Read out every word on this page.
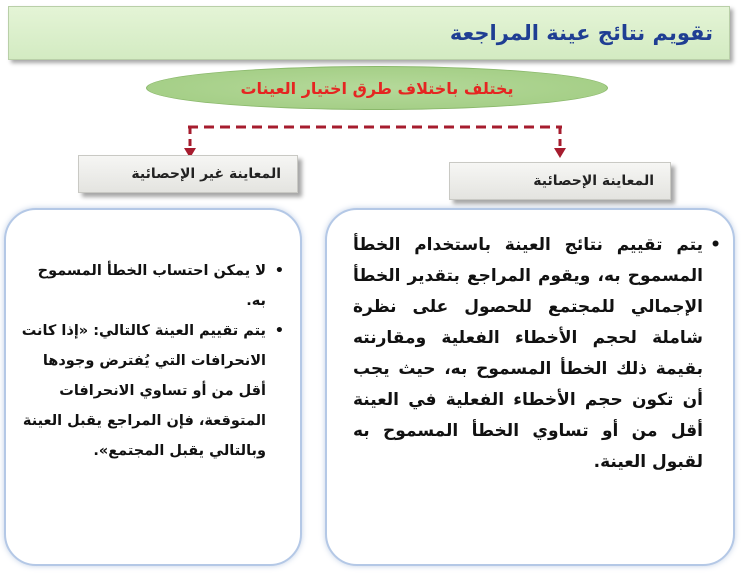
تقويم نتائج عينة المراجعة
يختلف باختلاف طرق اختيار العينات
المعاينة الإحصائية
المعاينة غير الإحصائية
• يتم تقييم نتائج العينة باستخدام الخطأ المسموح به، ويقوم المراجع بتقدير الخطأ الإجمالي للمجتمع للحصول على نظرة شاملة لحجم الأخطاء الفعلية ومقارنته بقيمة ذلك الخطأ المسموح به، حيث يجب أن تكون حجم الأخطاء الفعلية في العينة أقل من أو تساوي الخطأ المسموح به لقبول العينة.
• لا يمكن احتساب الخطأ المسموح به.
• يتم تقييم العينة كالتالي: «إذا كانت الانحرافات التي يُفترض وجودها أقل من أو تساوي الانحرافات المتوقعة، فإن المراجع يقبل العينة وبالتالي يقبل المجتمع».
